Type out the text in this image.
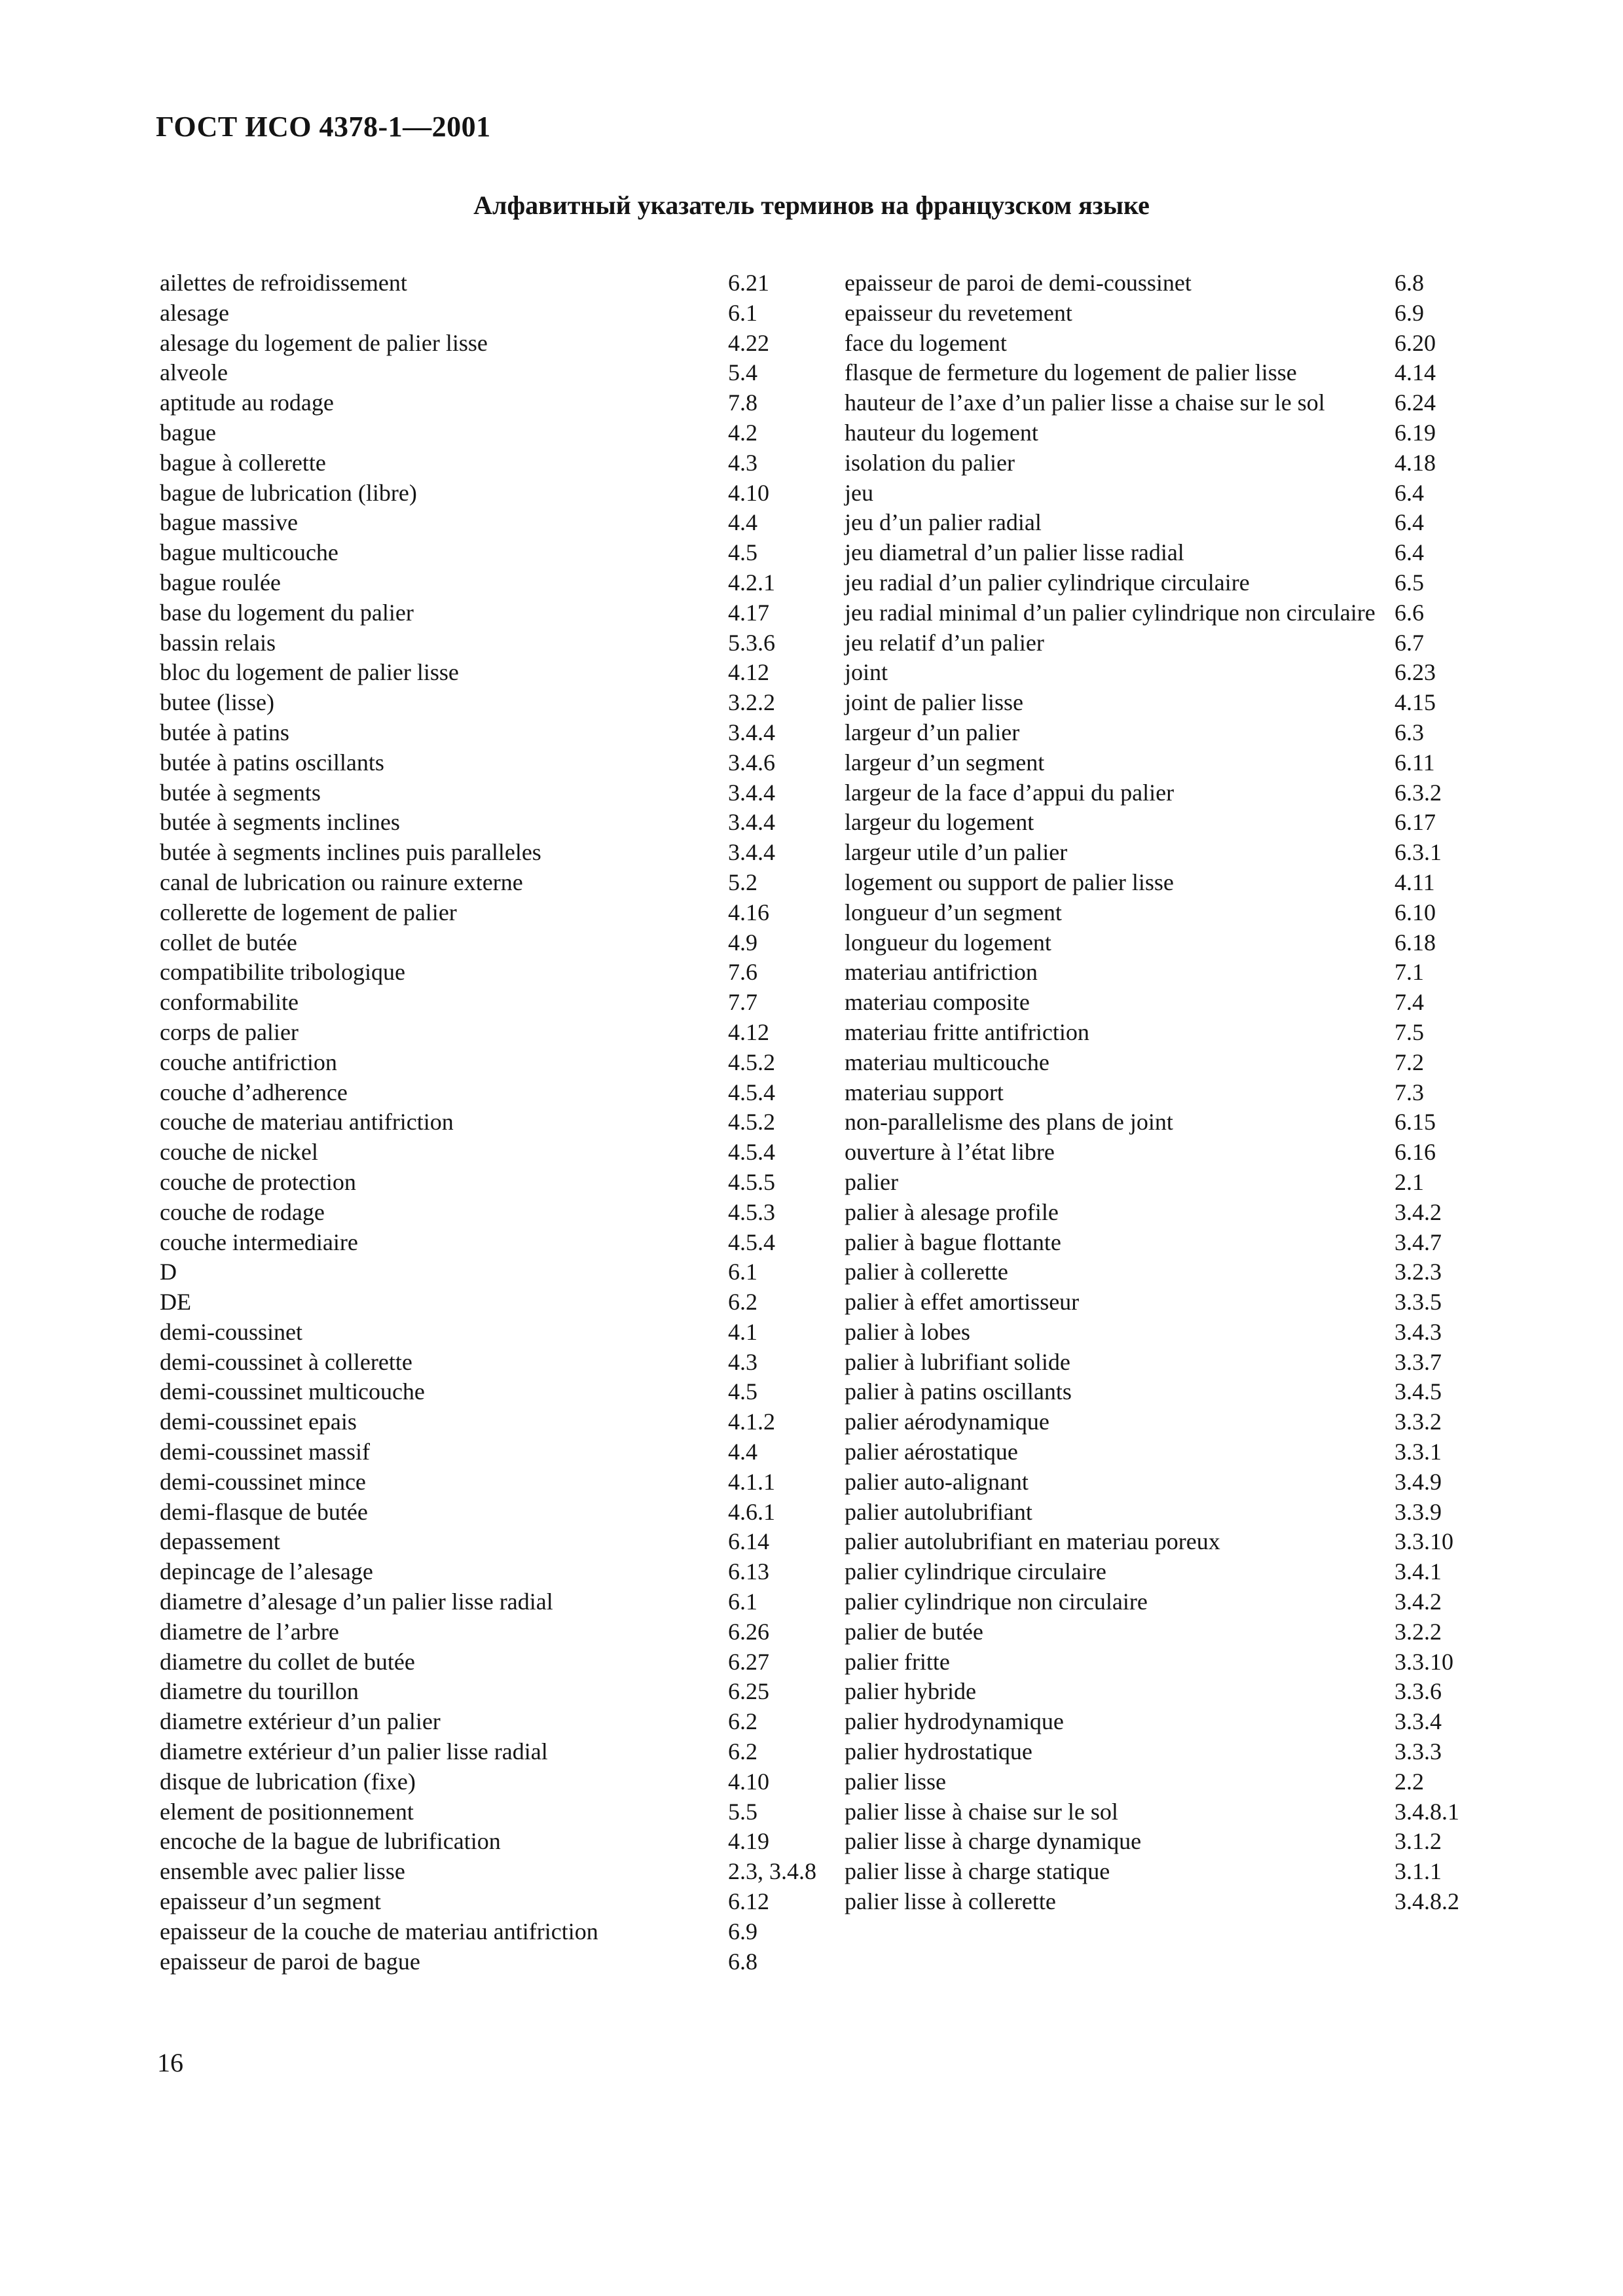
ГОСТ ИСО 4378-1—2001
Алфавитный указатель терминов на французском языке
ailettes de refroidissement	6.21
alesage	6.1
alesage du logement de palier lisse	4.22
alveole	5.4
aptitude au rodage	7.8
bague	4.2
bague à collerette	4.3
bague de lubrication (libre)	4.10
bague massive	4.4
bague multicouche	4.5
bague roulée	4.2.1
base du logement du palier	4.17
bassin relais	5.3.6
bloc du logement de palier lisse	4.12
butee (lisse)	3.2.2
butée à patins	3.4.4
butée à patins oscillants	3.4.6
butée à segments	3.4.4
butée à segments inclines	3.4.4
butée à segments inclines puis paralleles	3.4.4
canal de lubrication ou rainure externe	5.2
collerette de logement de palier	4.16
collet de butée	4.9
compatibilite tribologique	7.6
conformabilite	7.7
corps de palier	4.12
couche antifriction	4.5.2
couche d’adherence	4.5.4
couche de materiau antifriction	4.5.2
couche de nickel	4.5.4
couche de protection	4.5.5
couche de rodage	4.5.3
couche intermediaire	4.5.4
D	6.1
DE	6.2
demi-coussinet	4.1
demi-coussinet à collerette	4.3
demi-coussinet multicouche	4.5
demi-coussinet epais	4.1.2
demi-coussinet massif	4.4
demi-coussinet mince	4.1.1
demi-flasque de butée	4.6.1
depassement	6.14
depincage de l’alesage	6.13
diametre d’alesage d’un palier lisse radial	6.1
diametre de l’arbre	6.26
diametre du collet de butée	6.27
diametre du tourillon	6.25
diametre extérieur d’un palier	6.2
diametre extérieur d’un palier lisse radial	6.2
disque de lubrication (fixe)	4.10
element de positionnement	5.5
encoche de la bague de lubrification	4.19
ensemble avec palier lisse	2.3, 3.4.8
epaisseur d’un segment	6.12
epaisseur de la couche de materiau antifriction	6.9
epaisseur de paroi de bague	6.8
epaisseur de paroi de demi-coussinet	6.8
epaisseur du revetement	6.9
face du logement	6.20
flasque de fermeture du logement de palier lisse	4.14
hauteur de l’axe d’un palier lisse a chaise sur le sol	6.24
hauteur du logement	6.19
isolation du palier	4.18
jeu	6.4
jeu d’un palier radial	6.4
jeu diametral d’un palier lisse radial	6.4
jeu radial d’un palier cylindrique circulaire	6.5
jeu radial minimal d’un palier cylindrique non circulaire 6.6
jeu relatif d’un palier	6.7
joint	6.23
joint de palier lisse	4.15
largeur d’un palier	6.3
largeur d’un segment	6.11
largeur de la face d’appui du palier	6.3.2
largeur du logement	6.17
largeur utile d’un palier	6.3.1
logement ou support de palier lisse	4.11
longueur d’un segment	6.10
longueur du logement	6.18
materiau antifriction	7.1
materiau composite	7.4
materiau fritte antifriction	7.5
materiau multicouche	7.2
materiau support	7.3
non-parallelisme des plans de joint	6.15
ouverture à l’état libre	6.16
palier	2.1
palier à alesage profile	3.4.2
palier à bague flottante	3.4.7
palier à collerette	3.2.3
palier à effet amortisseur	3.3.5
palier à lobes	3.4.3
palier à lubrifiant solide	3.3.7
palier à patins oscillants	3.4.5
palier aérodynamique	3.3.2
palier aérostatique	3.3.1
palier auto-alignant	3.4.9
palier autolubrifiant	3.3.9
palier autolubrifiant en materiau poreux	3.3.10
palier cylindrique circulaire	3.4.1
palier cylindrique non circulaire	3.4.2
palier de butée	3.2.2
palier fritte	3.3.10
palier hybride	3.3.6
palier hydrodynamique	3.3.4
palier hydrostatique	3.3.3
palier lisse	2.2
palier lisse à chaise sur le sol	3.4.8.1
palier lisse à charge dynamique	3.1.2
palier lisse à charge statique	3.1.1
palier lisse à collerette	3.4.8.2
16
